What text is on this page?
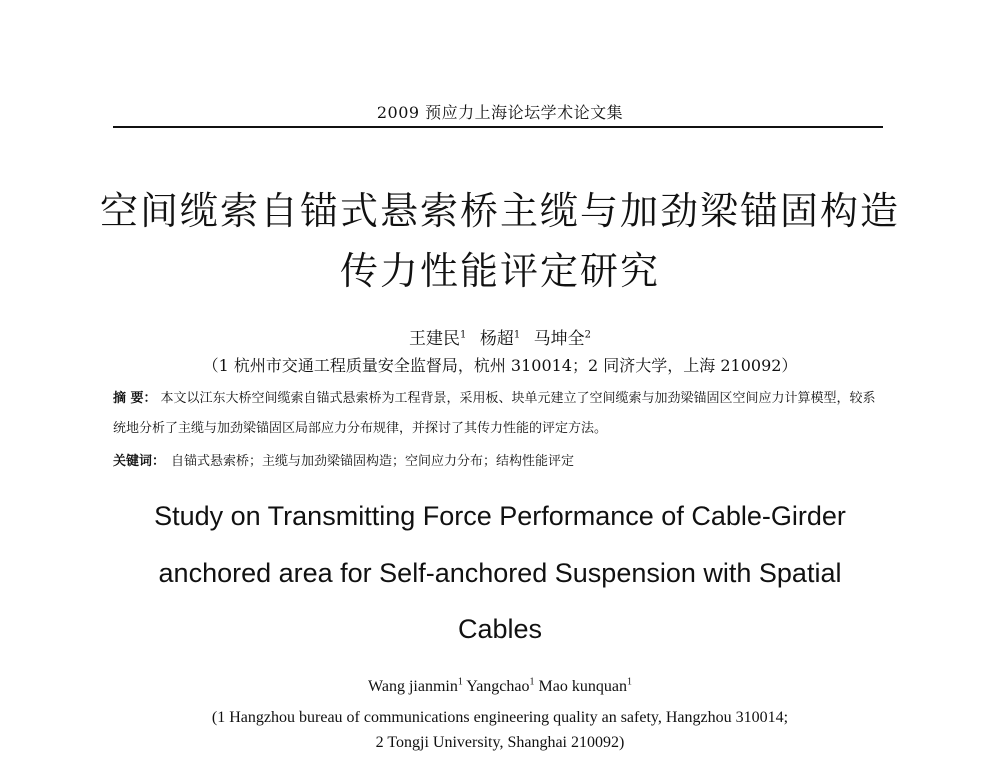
2009 预应力上海论坛学术论文集
空间缆索自锚式悬索桥主缆与加劲梁锚固构造
传力性能评定研究
王建民$^1$ 杨超$^1$ 马坤全$^2$
（1 杭州市交通工程质量安全监督局，杭州 310014；2 同济大学，上海 210092）
摘 要： 本文以江东大桥空间缆索自锚式悬索桥为工程背景，采用板、块单元建立了空间缆索与加劲梁锚固区空间应力计算模型，较系统地分析了主缆与加劲梁锚固区局部应力分布规律，并探讨了其传力性能的评定方法。
关键词： 自锚式悬索桥；主缆与加劲梁锚固构造；空间应力分布；结构性能评定
Study on Transmitting Force Performance of Cable-Girder
anchored area for Self-anchored Suspension with Spatial
Cables
Wang jianmin$^1$ Yangchao$^1$ Mao kunquan$^1$
(1 Hangzhou bureau of communications engineering quality an safety, Hangzhou 310014;
2 Tongji University, Shanghai 210092)
